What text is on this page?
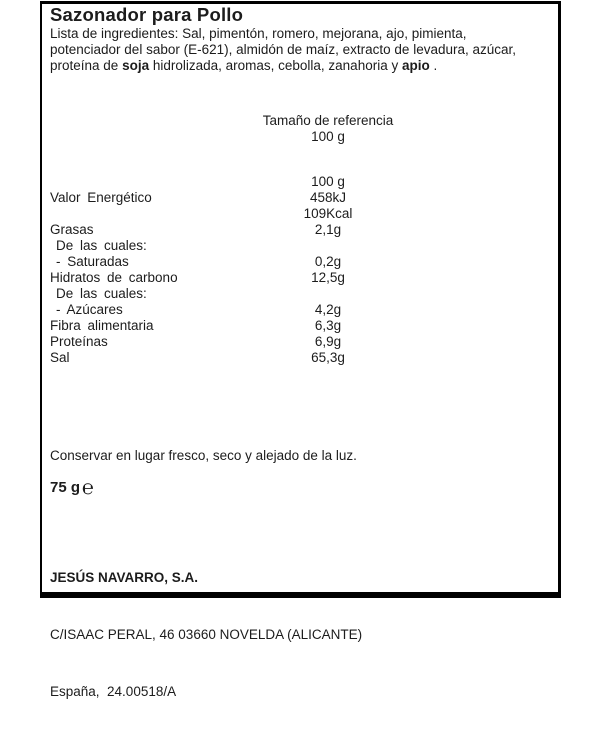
Sazonador para Pollo

Lista de ingredientes: Sal, pimentón, romero, mejorana, ajo, pimienta,
potenciador del sabor (E-621), almidón de maíz, extracto de levadura, azúcar,
proteína de soja hidrolizada, aromas, cebolla, zanahoria y apio .

Tamaño de referencia
100 g
100 g
Valor Energético	458kJ
109Kcal
Grasas	2,1g
De las cuales:
- Saturadas	0,2g
Hidratos de carbono	12,5g
De las cuales:
- Azúcares	4,2g
Fibra alimentaria	6,3g
Proteínas	6,9g
Sal	65,3g

Conservar en lugar fresco, seco y alejado de la luz.

75 g ℮

JESÚS NAVARRO, S.A.

C/ISAAC PERAL, 46 03660 NOVELDA (ALICANTE)

España,  24.00518/A
